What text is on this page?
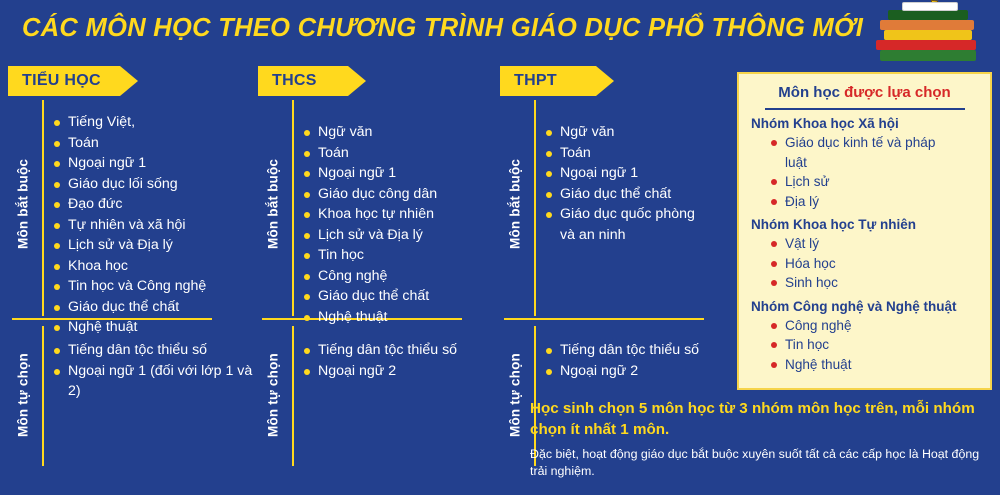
CÁC MÔN HỌC THEO CHƯƠNG TRÌNH GIÁO DỤC PHỔ THÔNG MỚI
TIỂU HỌC
Môn bắt buộc
Môn tự chọn
Tiếng Việt,
Toán
Ngoại ngữ 1
Giáo dục lối sống
Đạo đức
Tự nhiên và xã hội
Lịch sử và Địa lý
Khoa học
Tin học và Công nghệ
Giáo dục thể chất
Nghệ thuật
Tiếng dân tộc thiểu số
Ngoại ngữ 1 (đối với lớp 1 và 2)
THCS
Môn bắt buộc
Môn tự chọn
Ngữ văn
Toán
Ngoại ngữ 1
Giáo dục công dân
Khoa học tự nhiên
Lịch sử và Địa lý
Tin học
Công nghệ
Giáo dục thể chất
Nghệ thuật
Tiếng dân tộc thiểu số
Ngoại ngữ 2
THPT
Môn bắt buộc
Môn tự chọn
Ngữ văn
Toán
Ngoại ngữ 1
Giáo dục thể chất
Giáo dục quốc phòng và an ninh
Tiếng dân tộc thiểu số
Ngoại ngữ 2
Môn học được lựa chọn
Nhóm Khoa học Xã hội
Giáo dục kinh tế và pháp luật
Lịch sử
Địa lý
Nhóm Khoa học Tự nhiên
Vật lý
Hóa học
Sinh học
Nhóm Công nghệ và Nghệ thuật
Công nghệ
Tin học
Nghệ thuật
Học sinh chọn 5 môn học từ 3 nhóm môn học trên, mỗi nhóm chọn ít nhất 1 môn.
Đặc biệt, hoạt động giáo dục bắt buộc xuyên suốt tất cả các cấp học là Hoạt động trải nghiệm.
